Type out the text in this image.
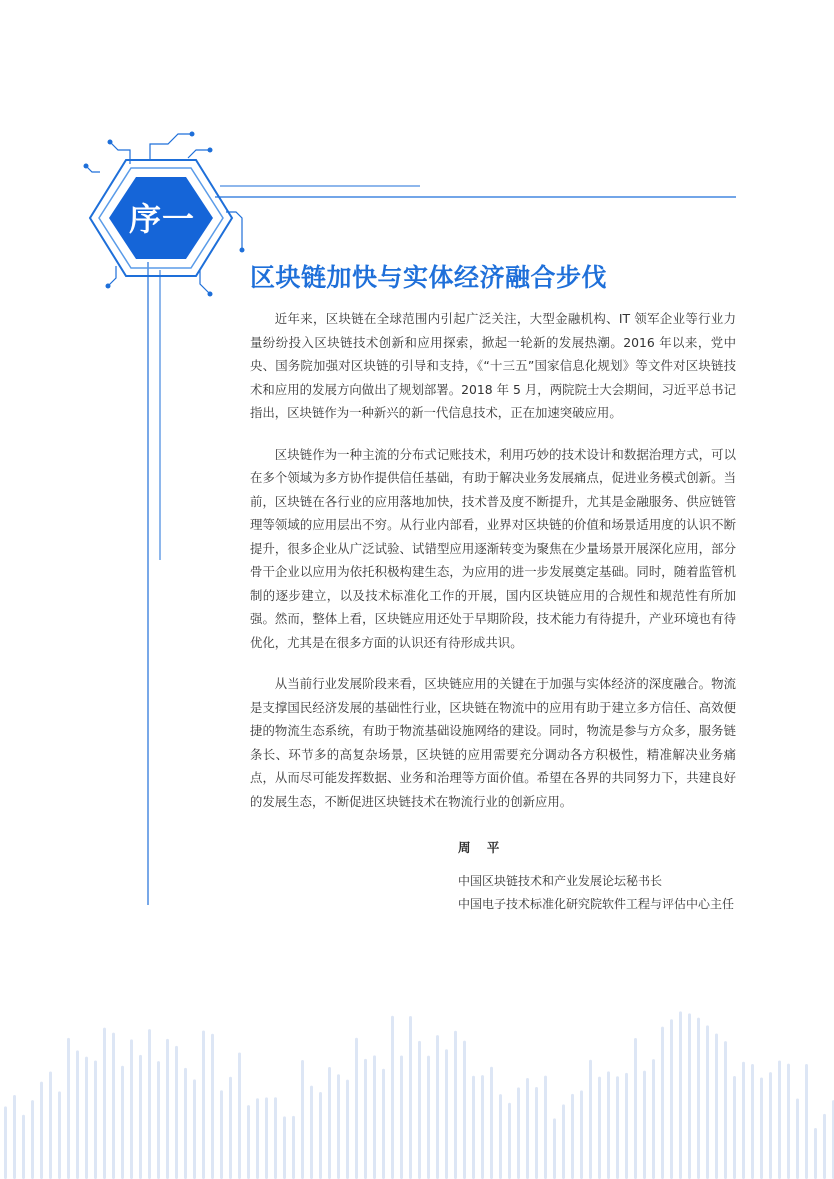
序一
区块链加快与实体经济融合步伐

近年来，区块链在全球范围内引起广泛关注，大型金融机构、IT 领军企业等行业力量纷纷投入区块链技术创新和应用探索，掀起一轮新的发展热潮。2016 年以来，党中央、国务院加强对区块链的引导和支持，《“十三五”国家信息化规划》等文件对区块链技术和应用的发展方向做出了规划部署。2018 年 5 月，两院院士大会期间，习近平总书记指出，区块链作为一种新兴的新一代信息技术，正在加速突破应用。

区块链作为一种主流的分布式记账技术，利用巧妙的技术设计和数据治理方式，可以在多个领域为多方协作提供信任基础，有助于解决业务发展痛点，促进业务模式创新。当前，区块链在各行业的应用落地加快，技术普及度不断提升，尤其是金融服务、供应链管理等领域的应用层出不穷。从行业内部看，业界对区块链的价值和场景适用度的认识不断提升，很多企业从广泛试验、试错型应用逐渐转变为聚焦在少量场景开展深化应用，部分骨干企业以应用为依托积极构建生态，为应用的进一步发展奠定基础。同时，随着监管机制的逐步建立，以及技术标准化工作的开展，国内区块链应用的合规性和规范性有所加强。然而，整体上看，区块链应用还处于早期阶段，技术能力有待提升，产业环境也有待优化，尤其是在很多方面的认识还有待形成共识。

从当前行业发展阶段来看，区块链应用的关键在于加强与实体经济的深度融合。物流是支撑国民经济发展的基础性行业，区块链在物流中的应用有助于建立多方信任、高效便捷的物流生态系统，有助于物流基础设施网络的建设。同时，物流是参与方众多，服务链条长、环节多的高复杂场景，区块链的应用需要充分调动各方积极性，精准解决业务痛点，从而尽可能发挥数据、业务和治理等方面价值。希望在各界的共同努力下，共建良好的发展生态，不断促进区块链技术在物流行业的创新应用。

周 平

中国区块链技术和产业发展论坛秘书长

中国电子技术标准化研究院软件工程与评估中心主任
